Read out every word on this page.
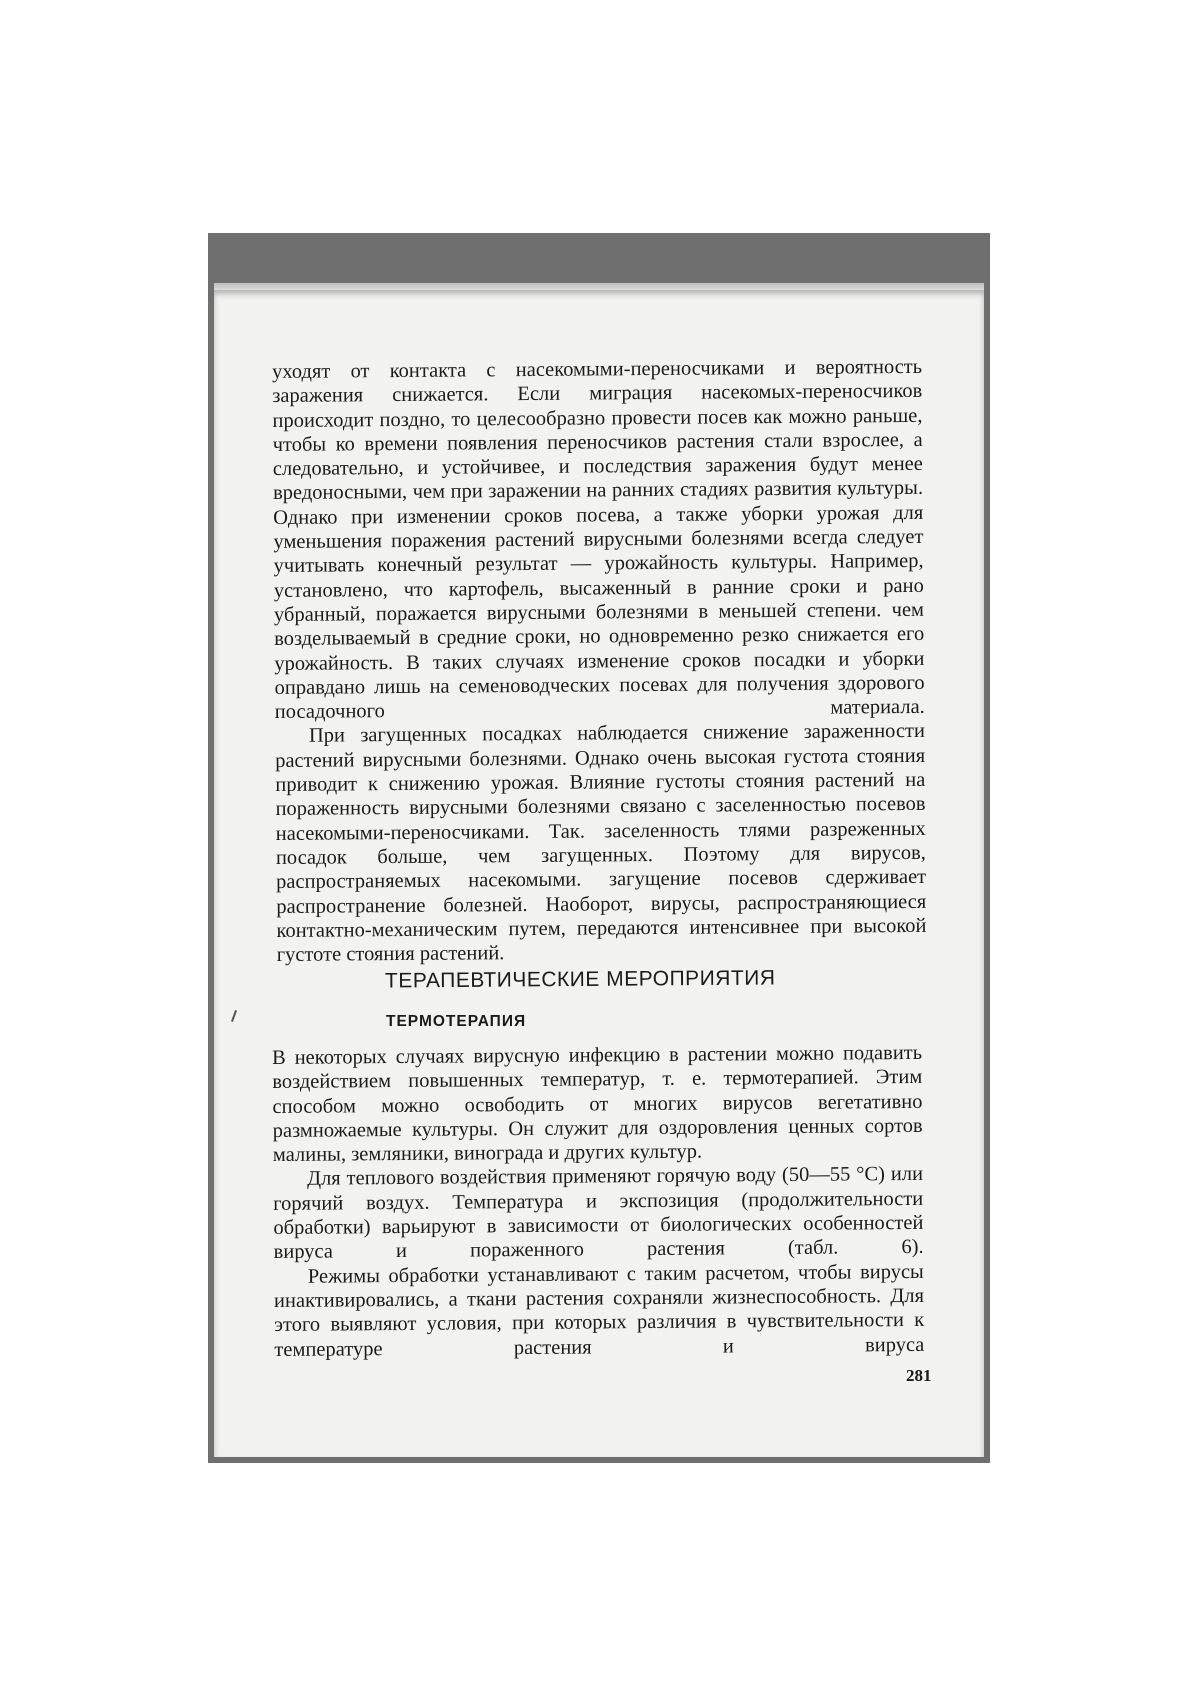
уходят от контакта с насекомыми-переносчиками и вероятность заражения снижается. Если миграция насекомых-переносчиков происходит поздно, то целесообразно провести посев как можно раньше, чтобы ко времени появления переносчиков растения стали взрослее, а следовательно, и устойчивее, и последствия заражения будут менее вредоносными, чем при заражении на ранних стадиях развития культуры. Однако при изменении сроков посева, а также уборки урожая для уменьшения поражения растений вирусными болезнями всегда следует учитывать конечный результат — урожайность культуры. Например, установлено, что картофель, высаженный в ранние сроки и рано убранный, поражается вирусными болезнями в меньшей степени. чем возделываемый в средние сроки, но одновременно резко снижается его урожайность. В таких случаях изменение сроков посадки и уборки оправдано лишь на семеноводческих посевах для получения здорового посадочного материала.

При загущенных посадках наблюдается снижение зараженности растений вирусными болезнями. Однако очень высокая густота стояния приводит к снижению урожая. Влияние густоты стояния растений на пораженность вирусными болезнями связано с заселенностью посевов насекомыми-переносчиками. Так. заселенность тлями разреженных посадок больше, чем загущенных. Поэтому для вирусов, распространяемых насекомыми. загущение посевов сдерживает распространение болезней. Наоборот, вирусы, распространяющиеся контактно-механическим путем, передаются интенсивнее при высокой густоте стояния растений.

ТЕРАПЕВТИЧЕСКИЕ МЕРОПРИЯТИЯ
ТЕРМОТЕРАПИЯ

В некоторых случаях вирусную инфекцию в растении можно подавить воздействием повышенных температур, т. е. термотерапией. Этим способом можно освободить от многих вирусов вегетативно размножаемые культуры. Он служит для оздоровления ценных сортов малины, земляники, винограда и других культур.

Для теплового воздействия применяют горячую воду (50—55 °С) или горячий воздух. Температура и экспозиция (продолжительности обработки) варьируют в зависимости от биологических особенностей вируса и пораженного растения (табл. 6).

Режимы обработки устанавливают с таким расчетом, чтобы вирусы инактивировались, а ткани растения сохраняли жизнеспособность. Для этого выявляют условия, при которых различия в чувствительности к температуре растения и вируса

281
